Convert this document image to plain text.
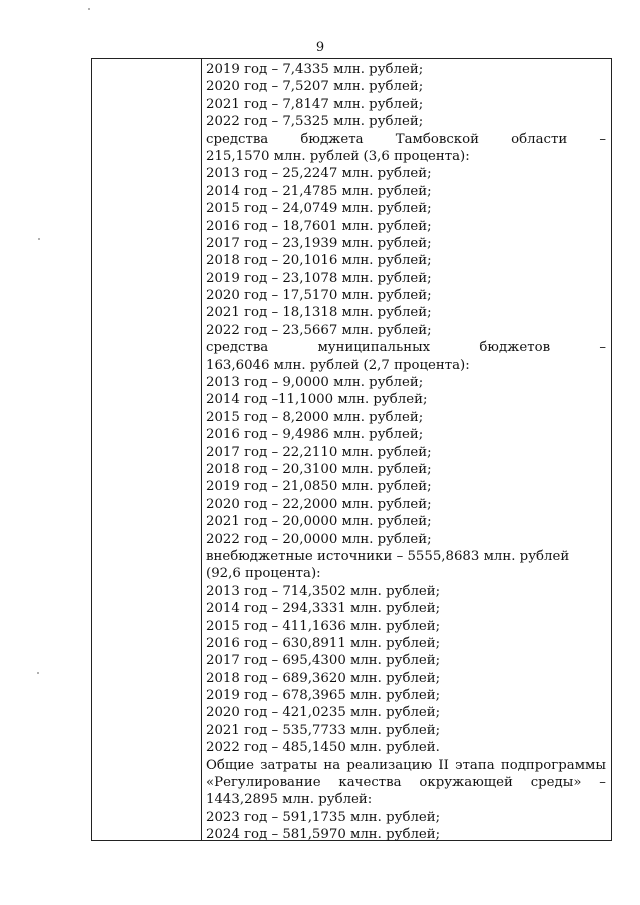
9
2019 год – 7,4335 млн. рублей;
2020 год – 7,5207 млн. рублей;
2021 год – 7,8147 млн. рублей;
2022 год – 7,5325 млн. рублей;
средства бюджета Тамбовской области –
215,1570 млн. рублей (3,6 процента):
2013 год – 25,2247 млн. рублей;
2014 год – 21,4785 млн. рублей;
2015 год – 24,0749 млн. рублей;
2016 год – 18,7601 млн. рублей;
2017 год – 23,1939 млн. рублей;
2018 год – 20,1016 млн. рублей;
2019 год – 23,1078 млн. рублей;
2020 год – 17,5170 млн. рублей;
2021 год – 18,1318 млн. рублей;
2022 год – 23,5667 млн. рублей;
средства	муниципальных	бюджетов	–
163,6046 млн. рублей (2,7 процента):
2013 год – 9,0000 млн. рублей;
2014 год –11,1000 млн. рублей;
2015 год – 8,2000 млн. рублей;
2016 год – 9,4986 млн. рублей;
2017 год – 22,2110 млн. рублей;
2018 год – 20,3100 млн. рублей;
2019 год – 21,0850 млн. рублей;
2020 год – 22,2000 млн. рублей;
2021 год – 20,0000 млн. рублей;
2022 год – 20,0000 млн. рублей;
внебюджетные источники – 5555,8683 млн. рублей
(92,6 процента):
2013 год – 714,3502 млн. рублей;
2014 год – 294,3331 млн. рублей;
2015 год – 411,1636 млн. рублей;
2016 год – 630,8911 млн. рублей;
2017 год – 695,4300 млн. рублей;
2018 год – 689,3620 млн. рублей;
2019 год – 678,3965 млн. рублей;
2020 год – 421,0235 млн. рублей;
2021 год – 535,7733 млн. рублей;
2022 год – 485,1450 млн. рублей.
Общие затраты на реализацию II этапа подпрограммы
«Регулирование качества окружающей среды» –
1443,2895 млн. рублей:
2023 год – 591,1735 млн. рублей;
2024 год – 581,5970 млн. рублей;
